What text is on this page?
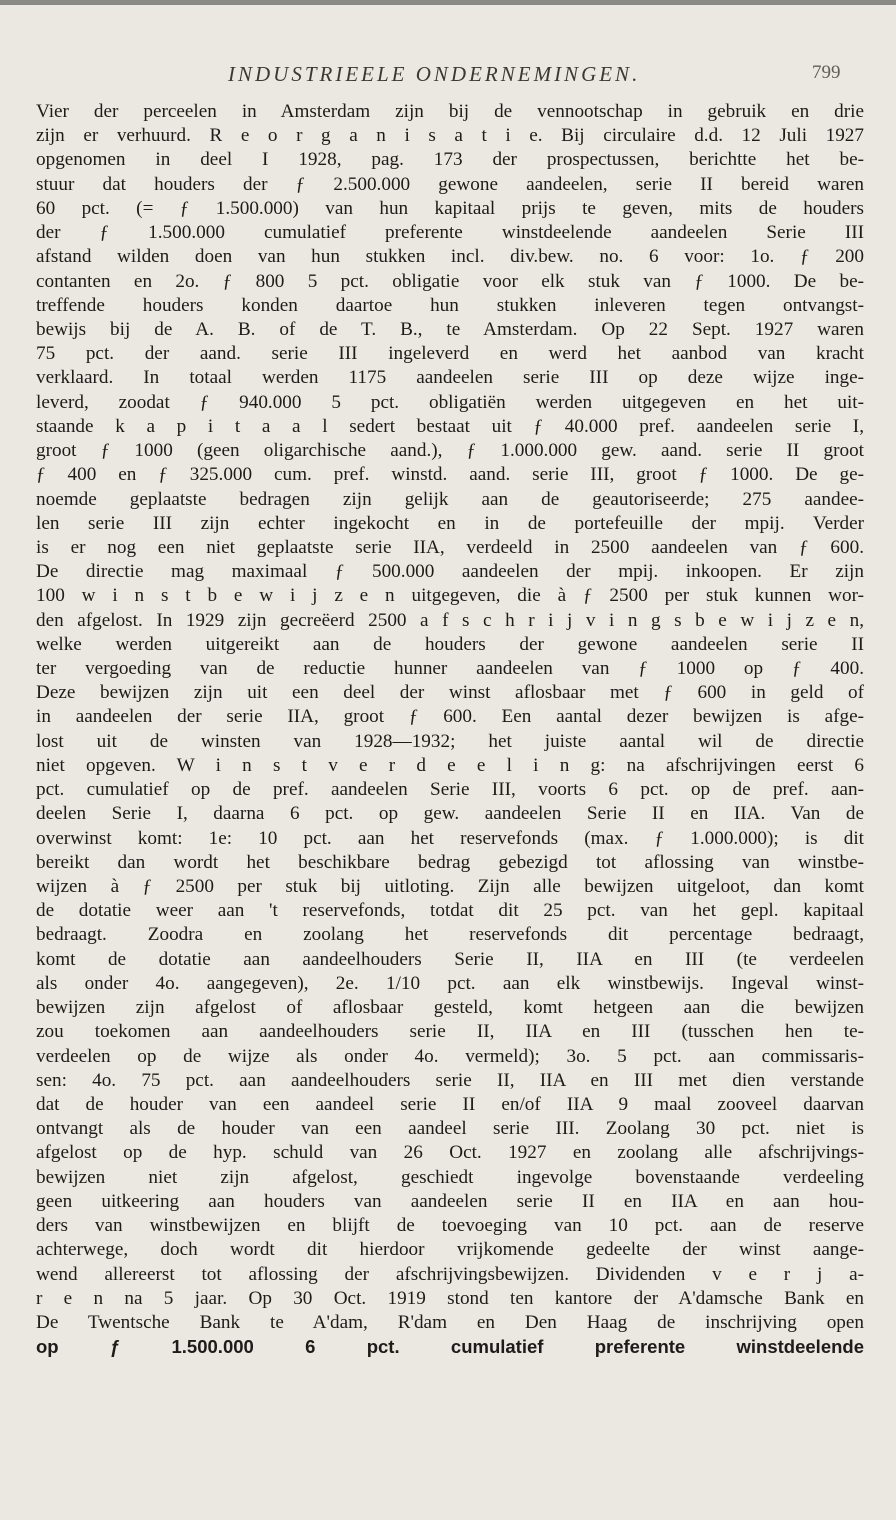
INDUSTRIEELE ONDERNEMINGEN.	799
Vier der perceelen in Amsterdam zijn bij de vennootschap in gebruik en drie
zijn er verhuurd. R e o r g a n i s a t i e. Bij circulaire d.d. 12 Juli 1927
opgenomen in deel I 1928, pag. 173 der prospectussen, berichtte het be-
stuur dat houders der ƒ 2.500.000 gewone aandeelen, serie II bereid waren
60 pct. (= ƒ 1.500.000) van hun kapitaal prijs te geven, mits de houders
der ƒ 1.500.000 cumulatief preferente winstdeelende aandeelen Serie III
afstand wilden doen van hun stukken incl. div.bew. no. 6 voor: 1o. ƒ 200
contanten en 2o. ƒ 800 5 pct. obligatie voor elk stuk van ƒ 1000. De be-
treffende houders konden daartoe hun stukken inleveren tegen ontvangst-
bewijs bij de A. B. of de T. B., te Amsterdam. Op 22 Sept. 1927 waren
75 pct. der aand. serie III ingeleverd en werd het aanbod van kracht
verklaard. In totaal werden 1175 aandeelen serie III op deze wijze inge-
leverd, zoodat ƒ 940.000 5 pct. obligatiën werden uitgegeven en het uit-
staande k a p i t a a l sedert bestaat uit ƒ 40.000 pref. aandeelen serie I,
groot ƒ 1000 (geen oligarchische aand.), ƒ 1.000.000 gew. aand. serie II groot
ƒ 400 en ƒ 325.000 cum. pref. winstd. aand. serie III, groot ƒ 1000. De ge-
noemde geplaatste bedragen zijn gelijk aan de geautoriseerde; 275 aandee-
len serie III zijn echter ingekocht en in de portefeuille der mpij. Verder
is er nog een niet geplaatste serie IIA, verdeeld in 2500 aandeelen van ƒ 600.
De directie mag maximaal ƒ 500.000 aandeelen der mpij. inkoopen. Er zijn
100 w i n s t b e w i j z e n uitgegeven, die à ƒ 2500 per stuk kunnen wor-
den afgelost. In 1929 zijn gecreëerd 2500 a f s c h r i j v i n g s b e w i j z e n,
welke werden uitgereikt aan de houders der gewone aandeelen serie II
ter vergoeding van de reductie hunner aandeelen van ƒ 1000 op ƒ 400.
Deze bewijzen zijn uit een deel der winst aflosbaar met ƒ 600 in geld of
in aandeelen der serie IIA, groot ƒ 600. Een aantal dezer bewijzen is afge-
lost uit de winsten van 1928—1932; het juiste aantal wil de directie
niet opgeven. W i n s t v e r d e e l i n g: na afschrijvingen eerst 6
pct. cumulatief op de pref. aandeelen Serie III, voorts 6 pct. op de pref. aan-
deelen Serie I, daarna 6 pct. op gew. aandeelen Serie II en IIA. Van de
overwinst komt: 1e: 10 pct. aan het reservefonds (max. ƒ 1.000.000); is dit
bereikt dan wordt het beschikbare bedrag gebezigd tot aflossing van winstbe-
wijzen à ƒ 2500 per stuk bij uitloting. Zijn alle bewijzen uitgeloot, dan komt
de dotatie weer aan 't reservefonds, totdat dit 25 pct. van het gepl. kapitaal
bedraagt. Zoodra en zoolang het reservefonds dit percentage bedraagt,
komt de dotatie aan aandeelhouders Serie II, IIA en III (te verdeelen
als onder 4o. aangegeven), 2e. 1/10 pct. aan elk winstbewijs. Ingeval winst-
bewijzen zijn afgelost of aflosbaar gesteld, komt hetgeen aan die bewijzen
zou toekomen aan aandeelhouders serie II, IIA en III (tusschen hen te-
verdeelen op de wijze als onder 4o. vermeld); 3o. 5 pct. aan commissaris-
sen: 4o. 75 pct. aan aandeelhouders serie II, IIA en III met dien verstande
dat de houder van een aandeel serie II en/of IIA 9 maal zooveel daarvan
ontvangt als de houder van een aandeel serie III. Zoolang 30 pct. niet is
afgelost op de hyp. schuld van 26 Oct. 1927 en zoolang alle afschrijvings-
bewijzen niet zijn afgelost, geschiedt ingevolge bovenstaande verdeeling
geen uitkeering aan houders van aandeelen serie II en IIA en aan hou-
ders van winstbewijzen en blijft de toevoeging van 10 pct. aan de reserve
achterwege, doch wordt dit hierdoor vrijkomende gedeelte der winst aange-
wend allereerst tot aflossing der afschrijvingsbewijzen. Dividenden v e r j a-
r e n na 5 jaar. Op 30 Oct. 1919 stond ten kantore der A'damsche Bank en
De Twentsche Bank te A'dam, R'dam en Den Haag de inschrijving open
op ƒ 1.500.000 6 pct. cumulatief preferente winstdeelende
